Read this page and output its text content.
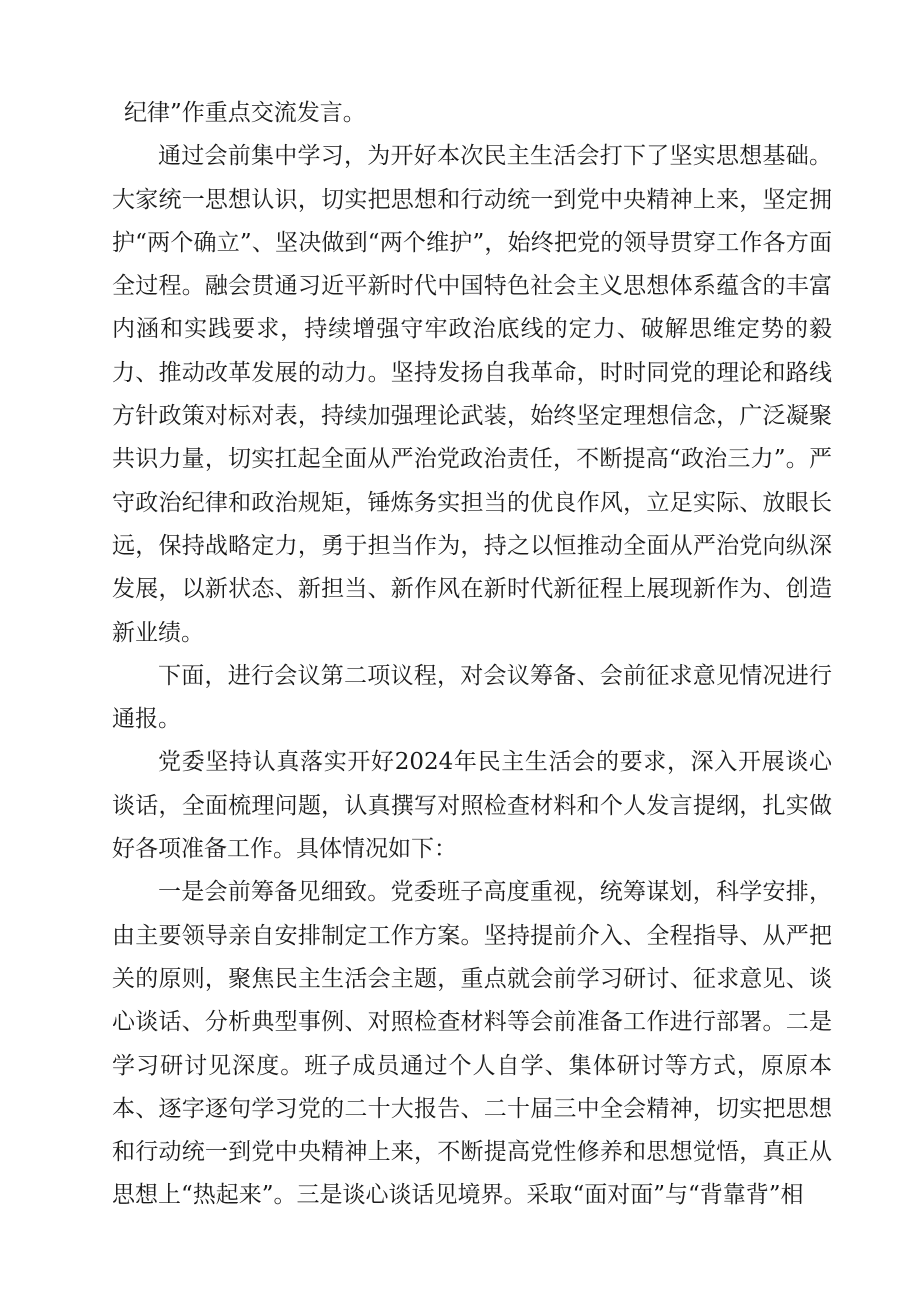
纪律”作重点交流发言。

通过会前集中学习，为开好本次民主生活会打下了坚实思想基础。大家统一思想认识，切实把思想和行动统一到党中央精神上来，坚定拥护“两个确立”、坚决做到“两个维护”，始终把党的领导贯穿工作各方面全过程。融会贯通习近平新时代中国特色社会主义思想体系蕴含的丰富内涵和实践要求，持续增强守牢政治底线的定力、破解思维定势的毅力、推动改革发展的动力。坚持发扬自我革命，时时同党的理论和路线方针政策对标对表，持续加强理论武装，始终坚定理想信念，广泛凝聚共识力量，切实扛起全面从严治党政治责任，不断提高“政治三力”。严守政治纪律和政治规矩，锤炼务实担当的优良作风，立足实际、放眼长远，保持战略定力，勇于担当作为，持之以恒推动全面从严治党向纵深发展，以新状态、新担当、新作风在新时代新征程上展现新作为、创造新业绩。

下面，进行会议第二项议程，对会议筹备、会前征求意见情况进行通报。

党委坚持认真落实开好2024年民主生活会的要求，深入开展谈心谈话，全面梳理问题，认真撰写对照检查材料和个人发言提纲，扎实做好各项准备工作。具体情况如下：

一是会前筹备见细致。党委班子高度重视，统筹谋划，科学安排，由主要领导亲自安排制定工作方案。坚持提前介入、全程指导、从严把关的原则，聚焦民主生活会主题，重点就会前学习研讨、征求意见、谈心谈话、分析典型事例、对照检查材料等会前准备工作进行部署。二是学习研讨见深度。班子成员通过个人自学、集体研讨等方式，原原本本、逐字逐句学习党的二十大报告、二十届三中全会精神，切实把思想和行动统一到党中央精神上来，不断提高党性修养和思想觉悟，真正从思想上“热起来”。三是谈心谈话见境界。采取“面对面”与“背靠背”相
